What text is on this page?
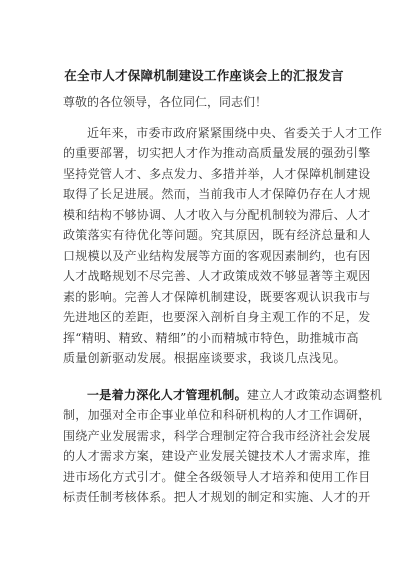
在全市人才保障机制建设工作座谈会上的汇报发言
尊敬的各位领导，各位同仁，同志们！
近年来，市委市政府紧紧围绕中央、省委关于人才工作
的重要部署，切实把人才作为推动高质量发展的强劲引擎
坚持党管人才、多点发力、多措并举，人才保障机制建设
取得了长足进展。然而，当前我市人才保障仍存在人才规
模和结构不够协调、人才收入与分配机制较为滞后、人才
政策落实有待优化等问题。究其原因，既有经济总量和人
口规模以及产业结构发展等方面的客观因素制约，也有因
人才战略规划不尽完善、人才政策成效不够显著等主观因
素的影响。完善人才保障机制建设，既要客观认识我市与
先进地区的差距，也要深入剖析自身主观工作的不足，发
挥“精明、精致、精细”的小而精城市特色，助推城市高
质量创新驱动发展。根据座谈要求，我谈几点浅见。
一是着力深化人才管理机制。建立人才政策动态调整机
制，加强对全市企事业单位和科研机构的人才工作调研，
围绕产业发展需求，科学合理制定符合我市经济社会发展
的人才需求方案，建设产业发展关键技术人才需求库，推
进市场化方式引才。健全各级领导人才培养和使用工作目
标责任制考核体系。把人才规划的制定和实施、人才的开
